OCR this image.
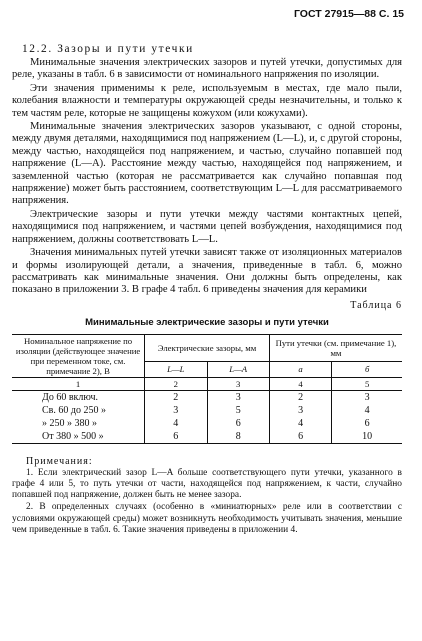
ГОСТ 27915—88 С. 15
12.2. Зазоры и пути утечки

Минимальные значения электрических зазоров и путей утечки, допустимых для реле, указаны в табл. 6 в зависимости от номинального напряжения по изоляции.

Эти значения применимы к реле, используемым в местах, где мало пыли, колебания влажности и температуры окружающей среды незначительны, и только к тем частям реле, которые не защищены кожухом (или кожухами).

Минимальные значения электрических зазоров указывают, с одной стороны, между двумя деталями, находящимися под напряжением (L—L), и, с другой стороны, между частью, находящейся под напряжением, и частью, случайно попавшей под напряжение (L—A). Расстояние между частью, находящейся под напряжением, и заземленной частью (которая не рассматривается как случайно попавшая под напряжение) может быть расстоянием, соответствующим L—L для рассматриваемого напряжения.

Электрические зазоры и пути утечки между частями контактных цепей, находящимися под напряжением, и частями цепей возбуждения, находящимися под напряжением, должны соответствовать L—L.

Значения минимальных путей утечки зависят также от изоляционных материалов и формы изолирующей детали, а значения, приведенные в табл. 6, можно рассматривать как минимальные значения. Они должны быть определены, как показано в приложении 3. В графе 4 табл. 6 приведены значения для керамики

Таблица 6
Минимальные электрические зазоры и пути утечки
Номинальное напряжение по изоляции (действующее значение при переменном токе, см. примечание 2), В	Электрические зазоры, мм		Пути утечки (см. примечание 1), мм	
	L—L	L—A	а	б
1	2	3	4	5
До 60 включ.	2	3	2	3
Св. 60 до 250 »	3	5	3	4
» 250 » 380 »	4	6	4	6
От 380 » 500 »	6	8	6	10
Примечания:

1. Если электрический зазор L—A больше соответствующего пути утечки, указанного в графе 4 или 5, то путь утечки от части, находящейся под напряжением, к части, случайно попавшей под напряжение, должен быть не менее зазора.

2. В определенных случаях (особенно в «миниатюрных» реле или в соответствии с условиями окружающей среды) может возникнуть необходимость учитывать значения, меньшие чем приведенные в табл. 6. Такие значения приведены в приложении 4.
